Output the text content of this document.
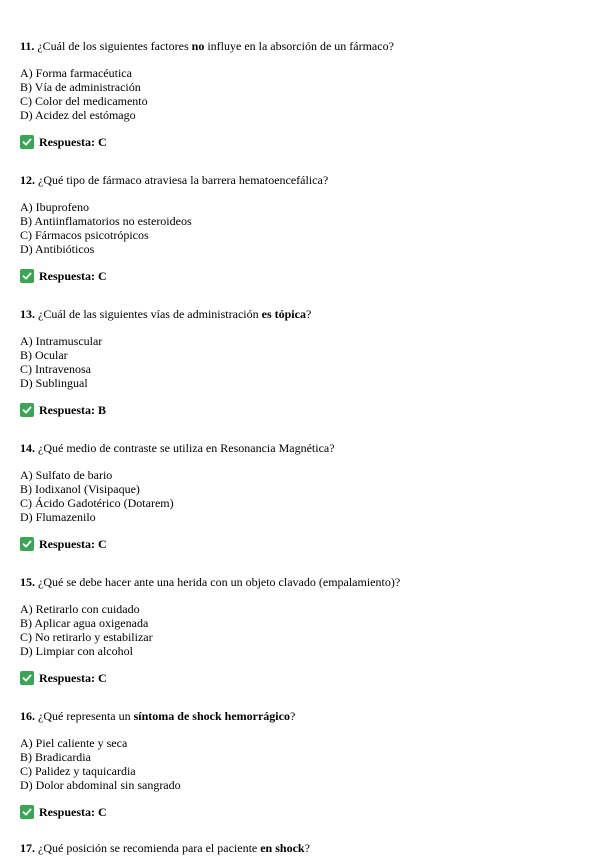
11. ¿Cuál de los siguientes factores no influye en la absorción de un fármaco?

A) Forma farmacéutica
B) Vía de administración
C) Color del medicamento
D) Acidez del estómago
Respuesta: C

12. ¿Qué tipo de fármaco atraviesa la barrera hematoencefálica?

A) Ibuprofeno
B) Antiinflamatorios no esteroideos
C) Fármacos psicotrópicos
D) Antibióticos
Respuesta: C

13. ¿Cuál de las siguientes vías de administración es tópica?

A) Intramuscular
B) Ocular
C) Intravenosa
D) Sublingual
Respuesta: B

14. ¿Qué medio de contraste se utiliza en Resonancia Magnética?

A) Sulfato de bario
B) Iodixanol (Visipaque)
C) Ácido Gadotérico (Dotarem)
D) Flumazenilo
Respuesta: C

15. ¿Qué se debe hacer ante una herida con un objeto clavado (empalamiento)?

A) Retirarlo con cuidado
B) Aplicar agua oxigenada
C) No retirarlo y estabilizar
D) Limpiar con alcohol
Respuesta: C

16. ¿Qué representa un síntoma de shock hemorrágico?

A) Piel caliente y seca
B) Bradicardia
C) Palidez y taquicardia
D) Dolor abdominal sin sangrado
Respuesta: C

17. ¿Qué posición se recomienda para el paciente en shock?
